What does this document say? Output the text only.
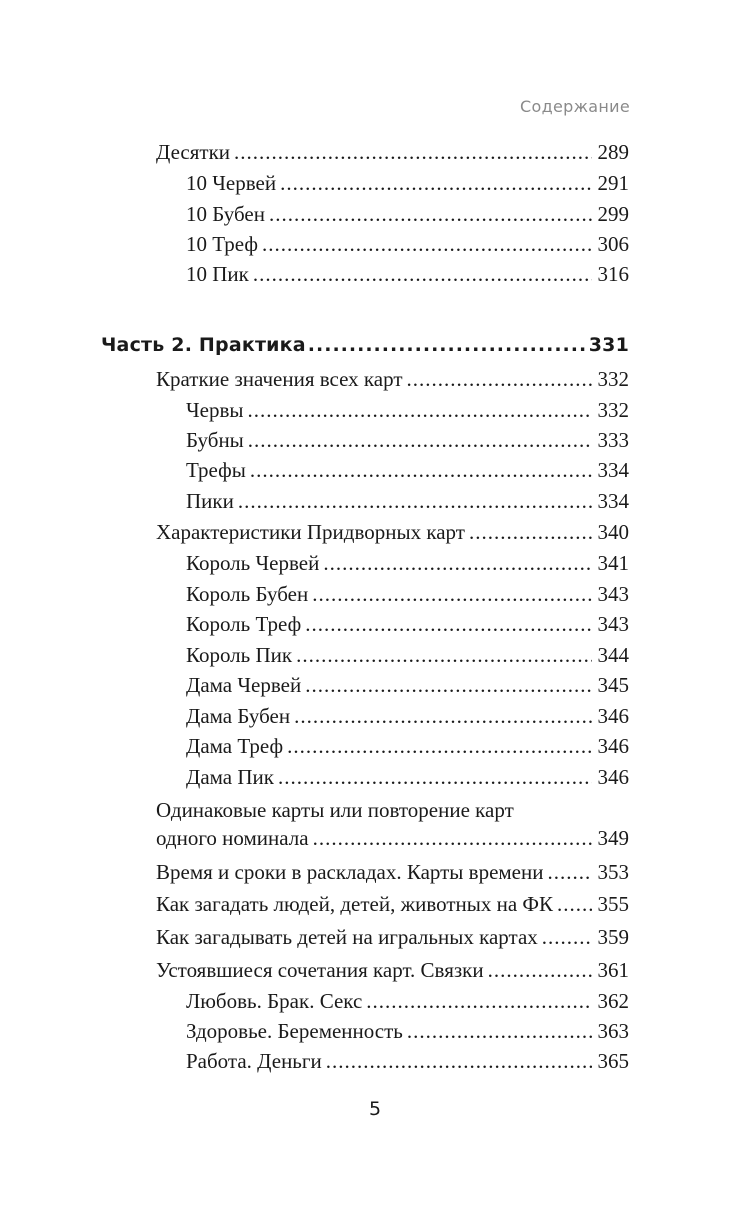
Содержание
Десятки .....	289
10 Червей .....	291
10 Бубен .....	299
10 Треф .....	306
10 Пик .....	316
Часть 2. Практика .....	331
Краткие значения всех карт .....	332
Червы .....	332
Бубны .....	333
Трефы .....	334
Пики .....	334
Характеристики Придворных карт .....	340
Король Червей .....	341
Король Бубен .....	343
Король Треф .....	343
Король Пик .....	344
Дама Червей .....	345
Дама Бубен .....	346
Дама Треф .....	346
Дама Пик .....	346
Одинаковые карты или повторение карт
одного номинала .....	349
Время и сроки в раскладах. Карты времени .....	353
Как загадать людей, детей, животных на ФК ..... 355
Как загадывать детей на игральных картах .....	359
Устоявшиеся сочетания карт. Связки .....	361
Любовь. Брак. Секс .....	362
Здоровье. Беременность .....	363
Работа. Деньги .....	365
5
